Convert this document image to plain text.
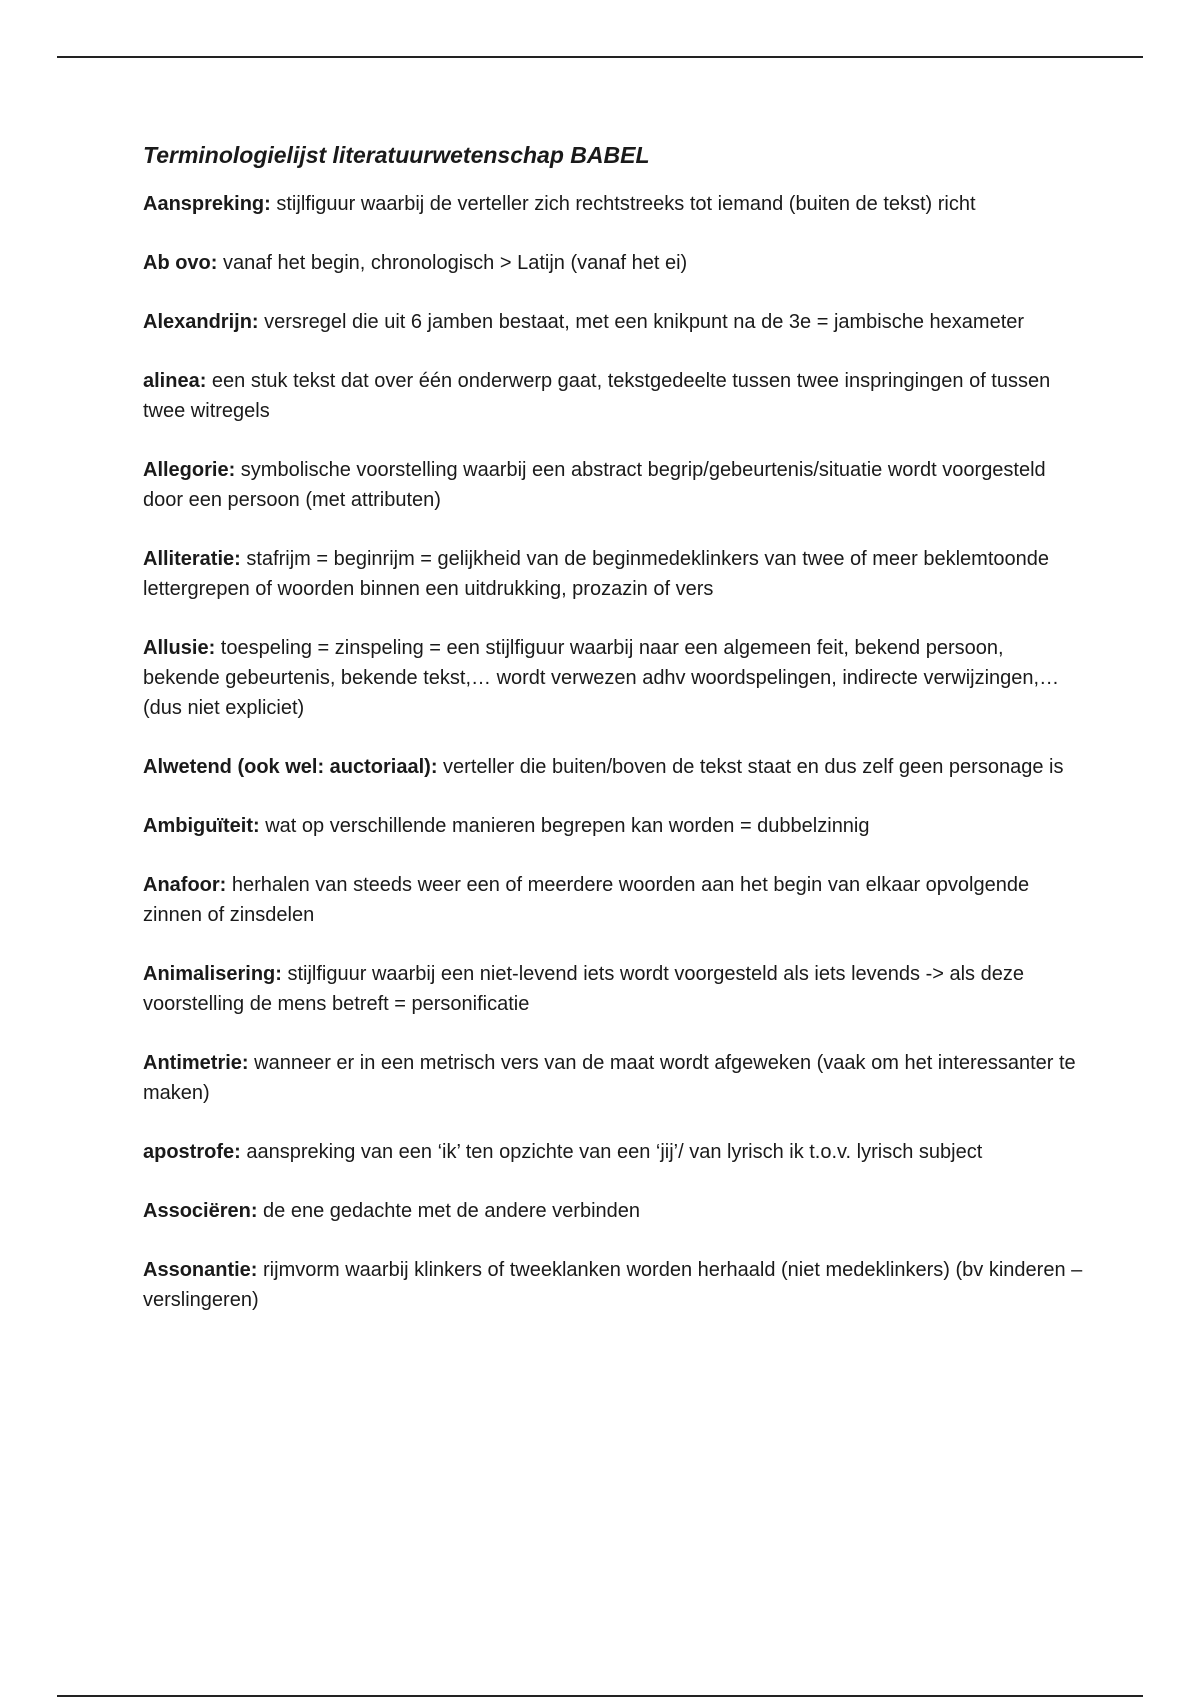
Terminologielijst literatuurwetenschap BABEL

Aanspreking: stijlfiguur waarbij de verteller zich rechtstreeks tot iemand (buiten de tekst) richt

Ab ovo: vanaf het begin, chronologisch > Latijn (vanaf het ei)

Alexandrijn: versregel die uit 6 jamben bestaat, met een knikpunt na de 3e = jambische hexameter

alinea: een stuk tekst dat over één onderwerp gaat, tekstgedeelte tussen twee inspringingen of tussen twee witregels

Allegorie: symbolische voorstelling waarbij een abstract begrip/gebeurtenis/situatie wordt voorgesteld door een persoon (met attributen)

Alliteratie: stafrijm = beginrijm = gelijkheid van de beginmedeklinkers van twee of meer beklemtoonde lettergrepen of woorden binnen een uitdrukking, prozazin of vers

Allusie: toespeling = zinspeling = een stijlfiguur waarbij naar een algemeen feit, bekend persoon, bekende gebeurtenis, bekende tekst,… wordt verwezen adhv woordspelingen, indirecte verwijzingen,… (dus niet expliciet)

Alwetend (ook wel: auctoriaal): verteller die buiten/boven de tekst staat en dus zelf geen personage is

Ambiguïteit: wat op verschillende manieren begrepen kan worden = dubbelzinnig

Anafoor: herhalen van steeds weer een of meerdere woorden aan het begin van elkaar opvolgende zinnen of zinsdelen

Animalisering: stijlfiguur waarbij een niet-levend iets wordt voorgesteld als iets levends -> als deze voorstelling de mens betreft = personificatie

Antimetrie: wanneer er in een metrisch vers van de maat wordt afgeweken (vaak om het interessanter te maken)

apostrofe: aanspreking van een ‘ik’ ten opzichte van een ‘jij’/ van lyrisch ik t.o.v. lyrisch subject

Associëren: de ene gedachte met de andere verbinden

Assonantie: rijmvorm waarbij klinkers of tweeklanken worden herhaald (niet medeklinkers) (bv kinderen – verslingeren)
